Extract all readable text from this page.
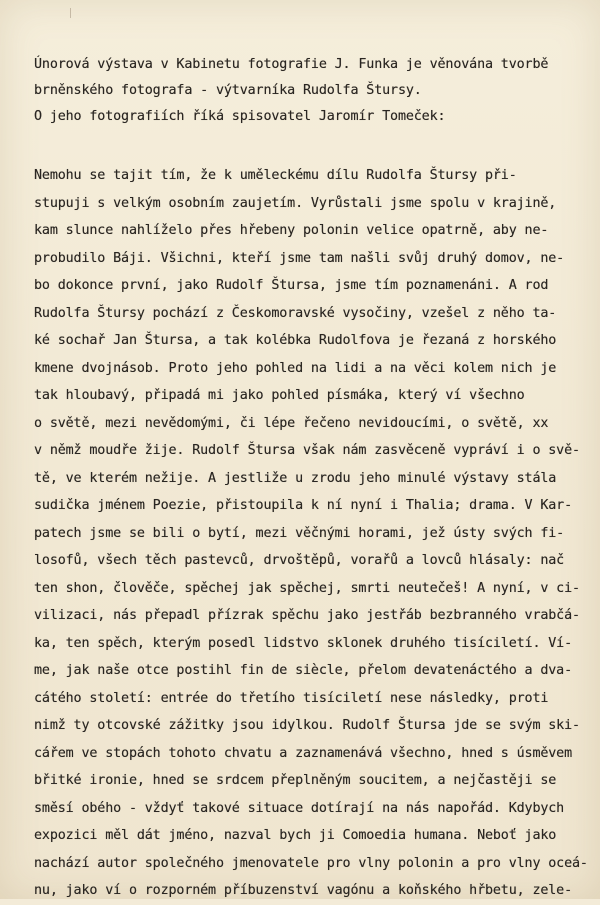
Únorová výstava v Kabinetu fotografie J. Funka je věnována tvorbě
brněnského fotografa - výtvarníka Rudolfa Štursy.
O jeho fotografiích říká spisovatel Jaromír Tomeček:
Nemohu se tajit tím, že k uměleckému dílu Rudolfa Štursy při-
stupuji s velkým osobním zaujetím. Vyrůstali jsme spolu v krajině,
kam slunce nahlíželo přes hřebeny polonin velice opatrně, aby ne-
probudilo Báji. Všichni, kteří jsme tam našli svůj druhý domov, ne-
bo dokonce první, jako Rudolf Štursa, jsme tím poznamenáni. A rod
Rudolfa Štursy pochází z Českomoravské vysočiny, vzešel z něho ta-
ké sochař Jan Štursa, a tak kolébka Rudolfova je řezaná z horského
kmene dvojnásob. Proto jeho pohled na lidi a na věci kolem nich je
tak hloubavý, připadá mi jako pohled písmáka, který ví všechno
o světě, mezi nevědomými, či lépe řečeno nevidoucími, o světě, xx
v němž moudře žije. Rudolf Štursa však nám zasvěceně vypráví i o svě-
tě, ve kterém nežije. A jestliže u zrodu jeho minulé výstavy stála
sudička jménem Poezie, přistoupila k ní nyní i Thalia; drama. V Kar-
patech jsme se bili o bytí, mezi věčnými horami, jež ústy svých fi-
losofů, všech těch pastevců, drvoštěpů, vorařů a lovců hlásaly: nač
ten shon, člověče, spěchej jak spěchej, smrti neutečeš! A nyní, v ci-
vilizaci, nás přepadl přízrak spěchu jako jestřáb bezbranného vrabčá-
ka, ten spěch, kterým posedl lidstvo sklonek druhého tisíciletí. Ví-
me, jak naše otce postihl fin de siècle, přelom devatenáctého a dva-
cátého století: entrée do třetího tisíciletí nese následky, proti
nimž ty otcovské zážitky jsou idylkou. Rudolf Štursa jde se svým ski-
cářem ve stopách tohoto chvatu a zaznamenává všechno, hned s úsměvem
břitké ironie, hned se srdcem přeplněným soucitem, a nejčastěji se
směsí obého - vždyť takové situace dotírají na nás napořád. Kdybych
expozici měl dát jméno, nazval bych ji Comoedia humana. Neboť jako
nachází autor společného jmenovatele pro vlny polonin a pro vlny oceá-
nu, jako ví o rozporném příbuzenství vagónu a koňského hřbetu, zele-
